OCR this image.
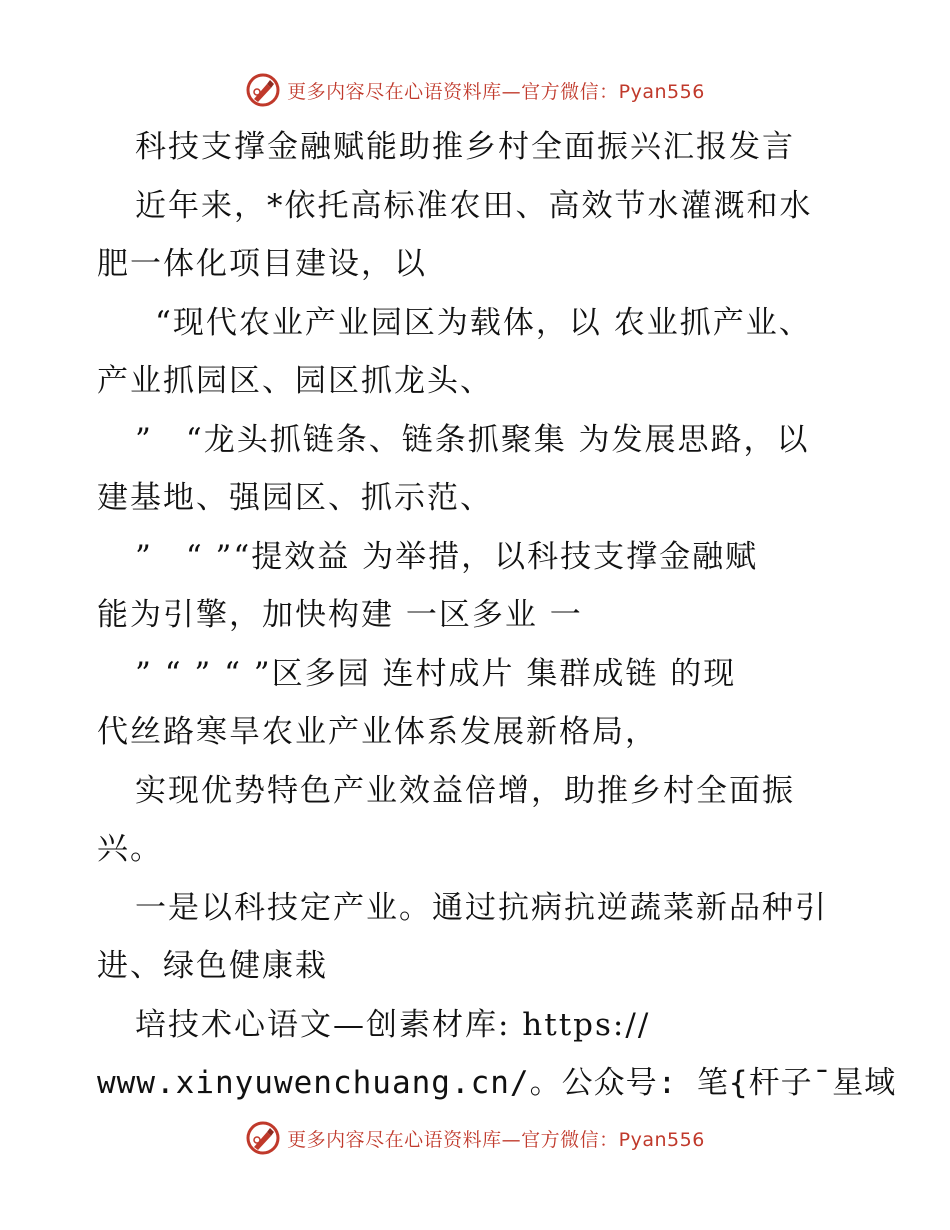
更多内容尽在心语资料库—官方微信：Pyan556
科技支撑金融赋能助推乡村全面振兴汇报发言
近年来，*依托高标准农田、高效节水灌溉和水
肥一体化项目建设，以
“现代农业产业园区为载体，以 农业抓产业、
产业抓园区、园区抓龙头、
”　“龙头抓链条、链条抓聚集 为发展思路，以
建基地、强园区、抓示范、
”　“ ”“提效益 为举措，以科技支撑金融赋
能为引擎，加快构建 一区多业 一
” “ ” “ ”区多园 连村成片 集群成链 的现
代丝路寒旱农业产业体系发展新格局，
实现优势特色产业效益倍增，助推乡村全面振
兴。
一是以科技定产业。通过抗病抗逆蔬菜新品种引
进、绿色健康栽
培技术心语文—创素材库: https://
www.xinyuwenchuang.cn/。公众号: 笔{杆子¯星域
更多内容尽在心语资料库—官方微信：Pyan556
